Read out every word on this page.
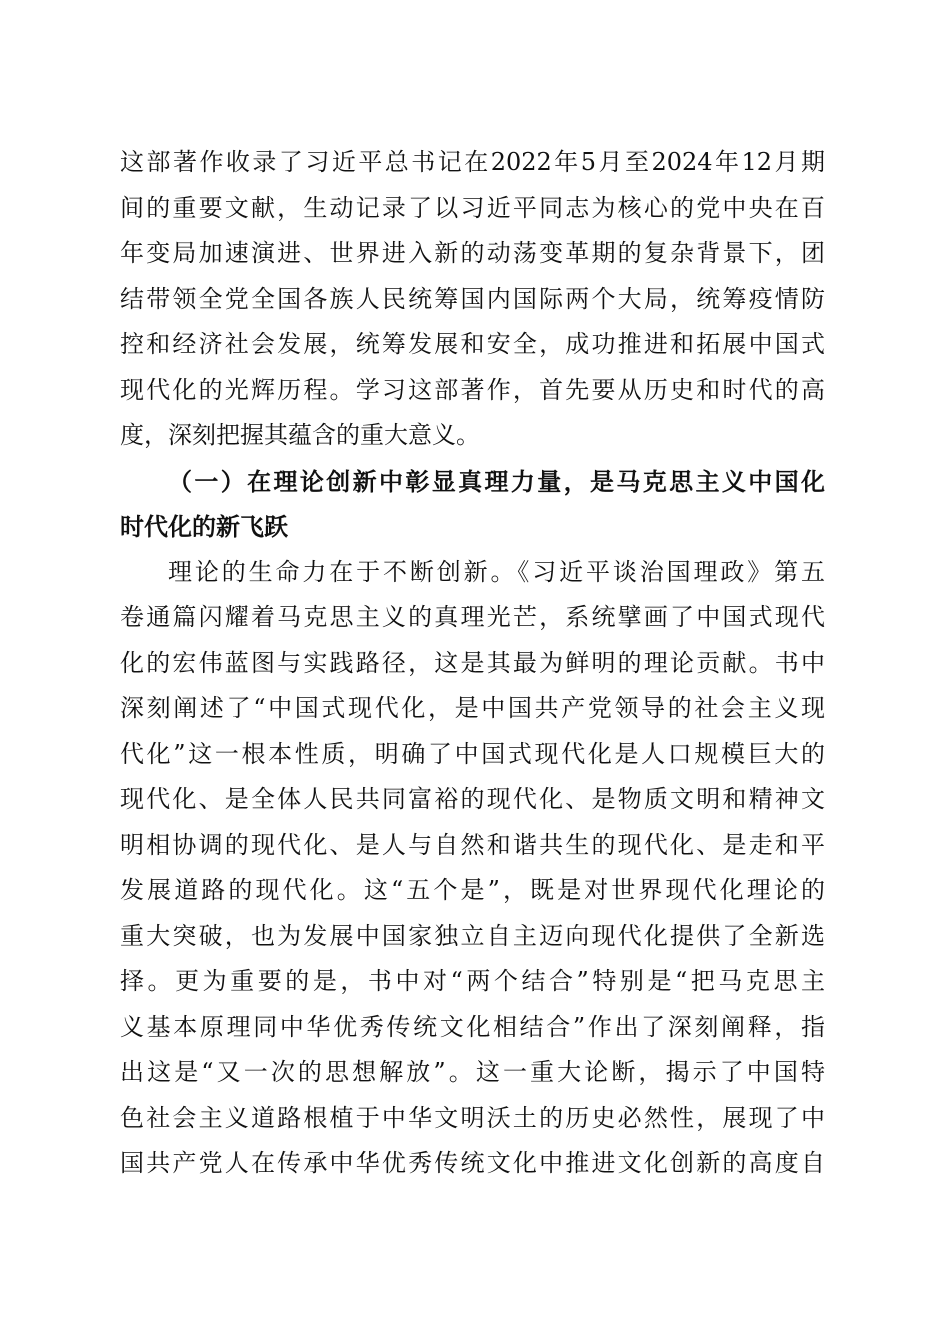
这部著作收录了习近平总书记在2022年5月至2024年12月期
间的重要文献，生动记录了以习近平同志为核心的党中央在百
年变局加速演进、世界进入新的动荡变革期的复杂背景下，团
结带领全党全国各族人民统筹国内国际两个大局，统筹疫情防
控和经济社会发展，统筹发展和安全，成功推进和拓展中国式
现代化的光辉历程。学习这部著作，首先要从历史和时代的高
度，深刻把握其蕴含的重大意义。
（一）在理论创新中彰显真理力量，是马克思主义中国化
时代化的新飞跃
理论的生命力在于不断创新。《习近平谈治国理政》第五
卷通篇闪耀着马克思主义的真理光芒，系统擘画了中国式现代
化的宏伟蓝图与实践路径，这是其最为鲜明的理论贡献。书中
深刻阐述了“中国式现代化，是中国共产党领导的社会主义现
代化”这一根本性质，明确了中国式现代化是人口规模巨大的
现代化、是全体人民共同富裕的现代化、是物质文明和精神文
明相协调的现代化、是人与自然和谐共生的现代化、是走和平
发展道路的现代化。这“五个是”，既是对世界现代化理论的
重大突破，也为发展中国家独立自主迈向现代化提供了全新选
择。更为重要的是，书中对“两个结合”特别是“把马克思主
义基本原理同中华优秀传统文化相结合”作出了深刻阐释，指
出这是“又一次的思想解放”。这一重大论断，揭示了中国特
色社会主义道路根植于中华文明沃土的历史必然性，展现了中
国共产党人在传承中华优秀传统文化中推进文化创新的高度自
